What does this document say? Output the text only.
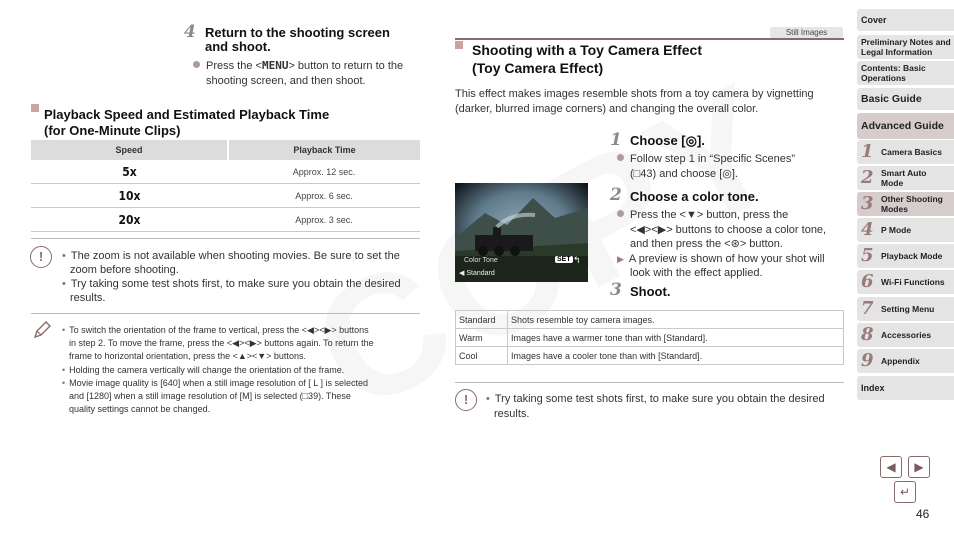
4 Return to the shooting screen
and shoot.
Press the <MENU> button to return to the
shooting screen, and then shoot.
Playback Speed and Estimated Playback Time
(for One-Minute Clips)
Speed	Playback Time
5x	Approx. 12 sec.
10x	Approx. 6 sec.
20x	Approx. 3 sec.
!	• The zoom is not available when shooting movies. Be sure to set the
zoom before shooting.
• Try taking some test shots first, to make sure you obtain the desired
results.
• To switch the orientation of the frame to vertical, press the <◀><▶> buttons
in step 2. To move the frame, press the <◀><▶> buttons again. To return the
frame to horizontal orientation, press the <▲><▼> buttons.
• Holding the camera vertically will change the orientation of the frame.
• Movie image quality is [640] when a still image resolution of [ L ] is selected
and [1280] when a still image resolution of [M] is selected (□39). These
quality settings cannot be changed.
Still Images
Shooting with a Toy Camera Effect
(Toy Camera Effect)
This effect makes images resemble shots from a toy camera by vignetting
(darker, blurred image corners) and changing the overall color.
Color Tone
◀ Standard
SET ↰
1 Choose [◎].
Follow step 1 in “Specific Scenes”
(□43) and choose [◎].
2 Choose a color tone.
Press the <▼> button, press the
<◀><▶> buttons to choose a color tone,
and then press the <⊛> button.
▶ A preview is shown of how your shot will
look with the effect applied.
3 Shoot.
Standard	Shots resemble toy camera images.
Warm	Images have a warmer tone than with [Standard].
Cool	Images have a cooler tone than with [Standard].
!	• Try taking some test shots first, to make sure you obtain the desired
results.
Cover
Preliminary Notes and
Legal Information
Contents: Basic
Operations
Basic Guide
Advanced Guide
1 Camera Basics
2 Smart Auto
Mode
3 Other Shooting
Modes
4 P Mode
5 Playback Mode
6 Wi-Fi Functions
7 Setting Menu
8 Accessories
9 Appendix
Index
◀	▶
↵
46
